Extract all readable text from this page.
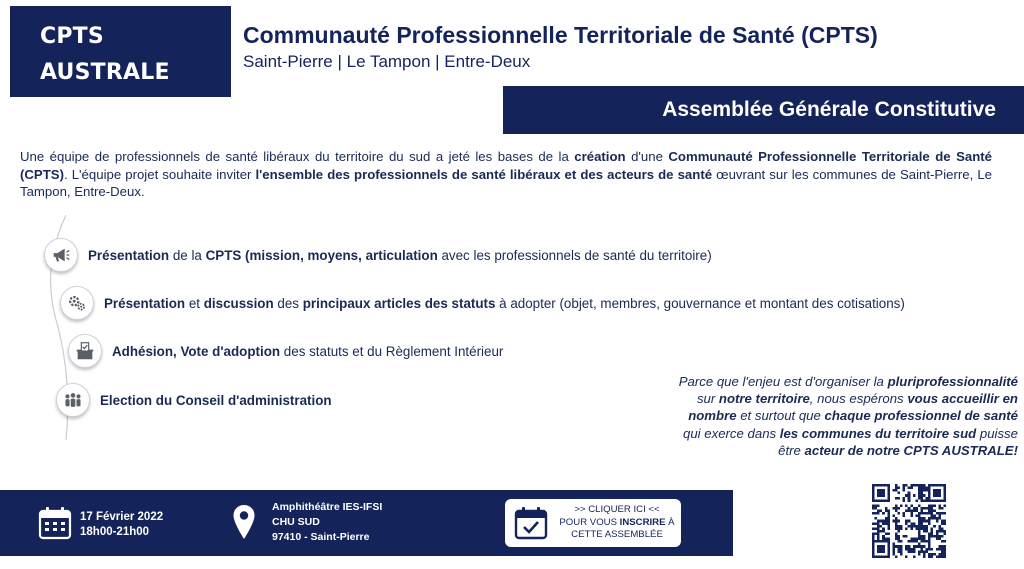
CPTS
AUSTRALE
Communauté Professionnelle Territoriale de Santé (CPTS)
Saint-Pierre | Le Tampon | Entre-Deux
Assemblée Générale Constitutive

Une équipe de professionnels de santé libéraux du territoire du sud a jeté les bases de la création d'une Communauté Professionnelle Territoriale de Santé (CPTS). L'équipe projet souhaite inviter l'ensemble des professionnels de santé libéraux et des acteurs de santé œuvrant sur les communes de Saint-Pierre, Le Tampon, Entre-Deux.

Présentation de la CPTS (mission, moyens, articulation avec les professionnels de santé du territoire)
Présentation et discussion des principaux articles des statuts à adopter (objet, membres, gouvernance et montant des cotisations)
Adhésion, Vote d'adoption des statuts et du Règlement Intérieur
Election du Conseil d'administration
Parce que l'enjeu est d'organiser la pluriprofessionnalité
sur notre territoire, nous espérons vous accueillir en
nombre et surtout que chaque professionnel de santé
qui exerce dans les communes du territoire sud puisse
être acteur de notre CPTS AUSTRALE!
17 Février 2022
18h00-21h00
Amphithéâtre IES-IFSI
CHU SUD
97410 - Saint-Pierre
>> CLIQUER ICI <<
POUR VOUS INSCRIRE À
CETTE ASSEMBLÉE
